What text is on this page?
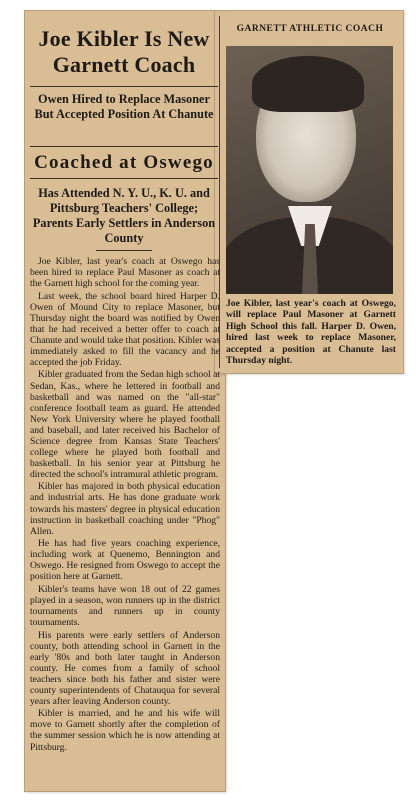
Joe Kibler Is New Garnett Coach
Owen Hired to Replace Masoner But Accepted Position At Chanute
Coached at Oswego
Has Attended N. Y. U., K. U. and Pittsburg Teachers' College; Parents Early Settlers in Anderson County

Joe Kibler, last year's coach at Oswego has been hired to replace Paul Masoner as coach at the Garnett high school for the coming year.

Last week, the school board hired Harper D. Owen of Mound City to replace Masoner, but Thursday night the board was notified by Owen that he had received a better offer to coach at Chanute and would take that position. Kibler was immediately asked to fill the vacancy and he accepted the job Friday.

Kibler graduated from the Sedan high school at Sedan, Kas., where he lettered in football and basketball and was named on the "all-star" conference football team as guard. He attended New York University where he played football and baseball, and later received his Bachelor of Science degree from Kansas State Teachers' college where he played both football and basketball. In his senior year at Pittsburg he directed the school's intramural athletic program.

Kibler has majored in both physical education and industrial arts. He has done graduate work towards his masters' degree in physical education instruction in basketball coaching under "Phog" Allen.

He has had five years coaching experience, including work at Quenemo, Bennington and Oswego. He resigned from Oswego to accept the position here at Garnett.

Kibler's teams have won 18 out of 22 games played in a season, won runners up in the district tournaments and runners up in county tournaments.

His parents were early settlers of Anderson county, both attending school in Garnett in the early '80s and both later taught in Anderson county. He comes from a family of school teachers since both his father and sister were county superintendents of Chatauqua for several years after leaving Anderson county.

Kibler is married, and he and his wife will move to Garnett shortly after the completion of the summer session which he is now attending at Pittsburg.

GARNETT ATHLETIC COACH
Joe Kibler, last year's coach at Oswego, will replace Paul Masoner at Garnett High School this fall. Harper D. Owen, hired last week to replace Masoner, accepted a position at Chanute last Thursday night.
